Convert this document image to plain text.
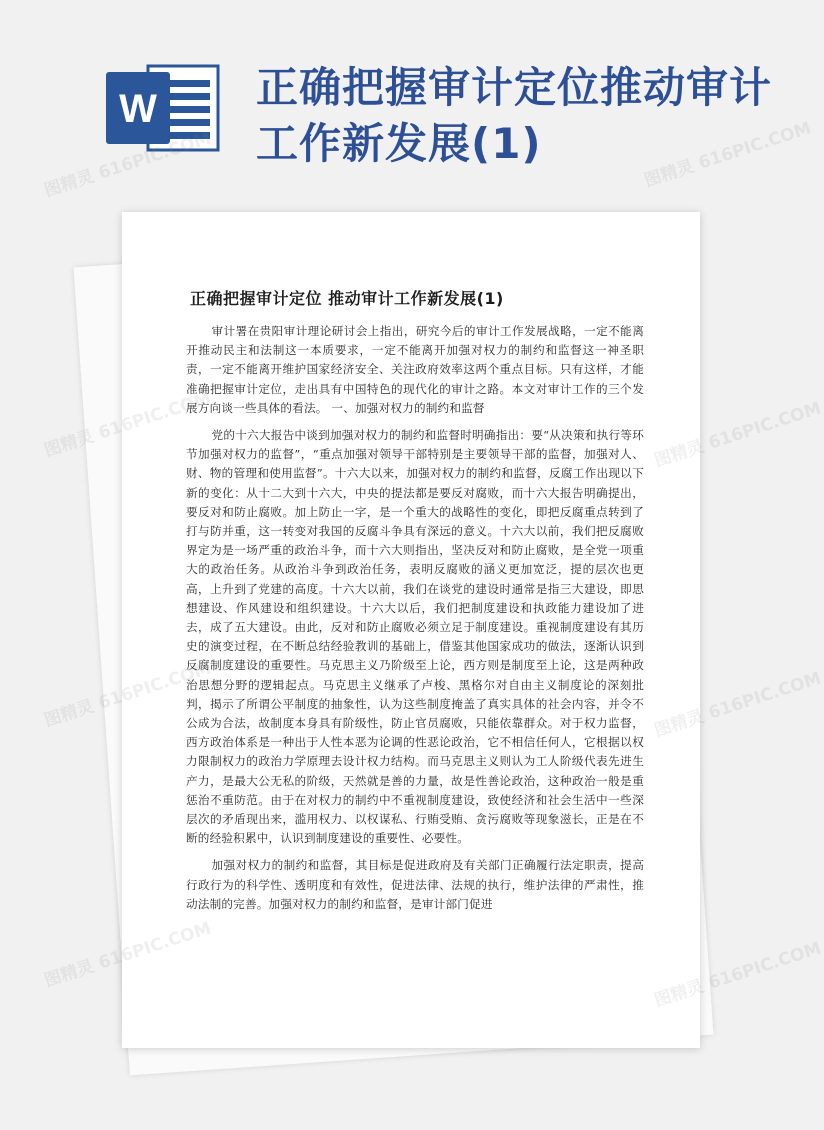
W 正确把握审计定位推动审计工作新发展(1)
正确把握审计定位 推动审计工作新发展(1)

审计署在贵阳审计理论研讨会上指出，研究今后的审计工作发展战略，一定不能离开推动民主和法制这一本质要求，一定不能离开加强对权力的制约和监督这一神圣职责，一定不能离开维护国家经济安全、关注政府效率这两个重点目标。只有这样，才能准确把握审计定位，走出具有中国特色的现代化的审计之路。本文对审计工作的三个发展方向谈一些具体的看法。 一、加强对权力的制约和监督

党的十六大报告中谈到加强对权力的制约和监督时明确指出：要“从决策和执行等环节加强对权力的监督”，“重点加强对领导干部特别是主要领导干部的监督，加强对人、财、物的管理和使用监督”。十六大以来，加强对权力的制约和监督，反腐工作出现以下新的变化：从十二大到十六大，中央的提法都是要反对腐败，而十六大报告明确提出，要反对和防止腐败。加上防止一字，是一个重大的战略性的变化，即把反腐重点转到了打与防并重，这一转变对我国的反腐斗争具有深远的意义。十六大以前，我们把反腐败界定为是一场严重的政治斗争，而十六大则指出，坚决反对和防止腐败，是全党一项重大的政治任务。从政治斗争到政治任务，表明反腐败的涵义更加宽泛，提的层次也更高，上升到了党建的高度。十六大以前，我们在谈党的建设时通常是指三大建设，即思想建设、作风建设和组织建设。十六大以后，我们把制度建设和执政能力建设加了进去，成了五大建设。由此，反对和防止腐败必须立足于制度建设。重视制度建设有其历史的演变过程，在不断总结经验教训的基础上，借鉴其他国家成功的做法，逐渐认识到反腐制度建设的重要性。马克思主义乃阶级至上论，西方则是制度至上论，这是两种政治思想分野的逻辑起点。马克思主义继承了卢梭、黑格尔对自由主义制度论的深刻批判，揭示了所谓公平制度的抽象性，认为这些制度掩盖了真实具体的社会内容，并令不公成为合法，故制度本身具有阶级性，防止官员腐败，只能依靠群众。对于权力监督，西方政治体系是一种出于人性本恶为论调的性恶论政治，它不相信任何人，它根据以权力限制权力的政治力学原理去设计权力结构。而马克思主义则认为工人阶级代表先进生产力，是最大公无私的阶级，天然就是善的力量，故是性善论政治，这种政治一般是重惩治不重防范。由于在对权力的制约中不重视制度建设，致使经济和社会生活中一些深层次的矛盾现出来，滥用权力、以权谋私、行贿受贿、贪污腐败等现象滋长，正是在不断的经验积累中，认识到制度建设的重要性、必要性。

加强对权力的制约和监督，其目标是促进政府及有关部门正确履行法定职责，提高行政行为的科学性、透明度和有效性，促进法律、法规的执行，维护法律的严肃性，推动法制的完善。加强对权力的制约和监督，是审计部门促进

图精灵 616PIC.COM	图精灵 616PIC.COM
图精灵	图精灵 616PIC.COM
图精灵	图精灵 616PIC.COM
图精灵	图精灵 616PIC.COM
